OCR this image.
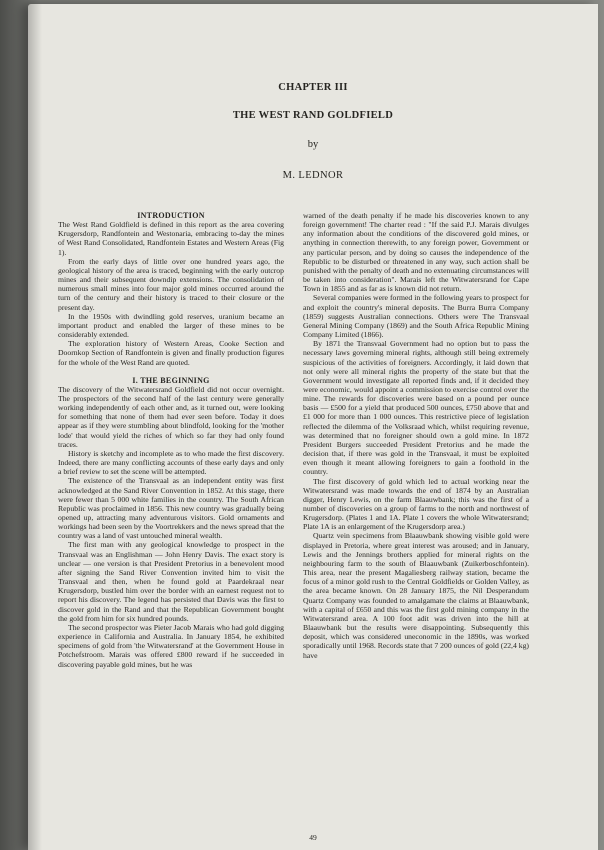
CHAPTER III
THE WEST RAND GOLDFIELD
by
M. LEDNOR
INTRODUCTION

The West Rand Goldfield is defined in this report as the area covering Krugersdorp, Randfontein and Westonaria, embracing to-day the mines of West Rand Consolidated, Randfontein Estates and Western Areas (Fig 1).

From the early days of little over one hundred years ago, the geological history of the area is traced, beginning with the early outcrop mines and their subsequent downdip extensions. The consolidation of numerous small mines into four major gold mines occurred around the turn of the century and their history is traced to their closure or the present day.

In the 1950s with dwindling gold reserves, uranium became an important product and enabled the larger of these mines to be considerably extended.

The exploration history of Western Areas, Cooke Section and Doornkop Section of Randfontein is given and finally production figures for the whole of the West Rand are quoted.

I. THE BEGINNING

The discovery of the Witwatersrand Goldfield did not occur overnight. The prospectors of the second half of the last century were generally working independently of each other and, as it turned out, were looking for something that none of them had ever seen before. Today it does appear as if they were stumbling about blindfold, looking for the 'mother lode' that would yield the riches of which so far they had only found traces.

History is sketchy and incomplete as to who made the first discovery. Indeed, there are many conflicting accounts of these early days and only a brief review to set the scene will be attempted.

The existence of the Transvaal as an independent entity was first acknowledged at the Sand River Convention in 1852. At this stage, there were fewer than 5 000 white families in the country. The South African Republic was proclaimed in 1856. This new country was gradually being opened up, attracting many adventurous visitors. Gold ornaments and workings had been seen by the Voortrekkers and the news spread that the country was a land of vast untouched mineral wealth.

The first man with any geological knowledge to prospect in the Transvaal was an Englishman — John Henry Davis. The exact story is unclear — one version is that President Pretorius in a benevolent mood after signing the Sand River Convention invited him to visit the Transvaal and then, when he found gold at Paardekraal near Krugersdorp, bustled him over the border with an earnest request not to report his discovery. The legend has persisted that Davis was the first to discover gold in the Rand and that the Republican Government bought the gold from him for six hundred pounds.

The second prospector was Pieter Jacob Marais who had gold digging experience in California and Australia. In January 1854, he exhibited specimens of gold from 'the Witwatersrand' at the Government House in Potchefstroom. Marais was offered £800 reward if he succeeded in discovering payable gold mines, but he was

warned of the death penalty if he made his discoveries known to any foreign government! The charter read : "If the said P.J. Marais divulges any information about the conditions of the discovered gold mines, or anything in connection therewith, to any foreign power, Government or any particular person, and by doing so causes the independence of the Republic to be disturbed or threatened in any way, such action shall be punished with the penalty of death and no extenuating circumstances will be taken into consideration". Marais left the Witwatersrand for Cape Town in 1855 and as far as is known did not return.

Several companies were formed in the following years to prospect for and exploit the country's mineral deposits. The Burra Burra Company (1859) suggests Australian connections. Others were The Transvaal General Mining Company (1869) and the South Africa Republic Mining Company Limited (1866).

By 1871 the Transvaal Government had no option but to pass the necessary laws governing mineral rights, although still being extremely suspicious of the activities of foreigners. Accordingly, it laid down that not only were all mineral rights the property of the state but that the Government would investigate all reported finds and, if it decided they were economic, would appoint a commission to exercise control over the mine. The rewards for discoveries were based on a pound per ounce basis — £500 for a yield that produced 500 ounces, £750 above that and £1 000 for more than 1 000 ounces. This restrictive piece of legislation reflected the dilemma of the Volksraad which, whilst requiring revenue, was determined that no foreigner should own a gold mine. In 1872 President Burgers succeeded President Pretorius and he made the decision that, if there was gold in the Transvaal, it must be exploited even though it meant allowing foreigners to gain a foothold in the country.

The first discovery of gold which led to actual working near the Witwatersrand was made towards the end of 1874 by an Australian digger, Henry Lewis, on the farm Blaauwbank; this was the first of a number of discoveries on a group of farms to the north and northwest of Krugersdorp. (Plates 1 and 1A. Plate 1 covers the whole Witwatersrand; Plate 1A is an enlargement of the Krugersdorp area.)

Quartz vein specimens from Blaauwbank showing visible gold were displayed in Pretoria, where great interest was aroused; and in January, Lewis and the Jennings brothers applied for mineral rights on the neighbouring farm to the south of Blaauwbank (Zuikerboschfontein). This area, near the present Magaliesberg railway station, became the focus of a minor gold rush to the Central Goldfields or Golden Valley, as the area became known. On 28 January 1875, the Nil Desperandum Quartz Company was founded to amalgamate the claims at Blaauwbank, with a capital of £650 and this was the first gold mining company in the Witwatersrand area. A 100 foot adit was driven into the hill at Blaauwbank but the results were disappointing. Subsequently this deposit, which was considered uneconomic in the 1890s, was worked sporadically until 1968. Records state that 7 200 ounces of gold (22,4 kg) have

49
